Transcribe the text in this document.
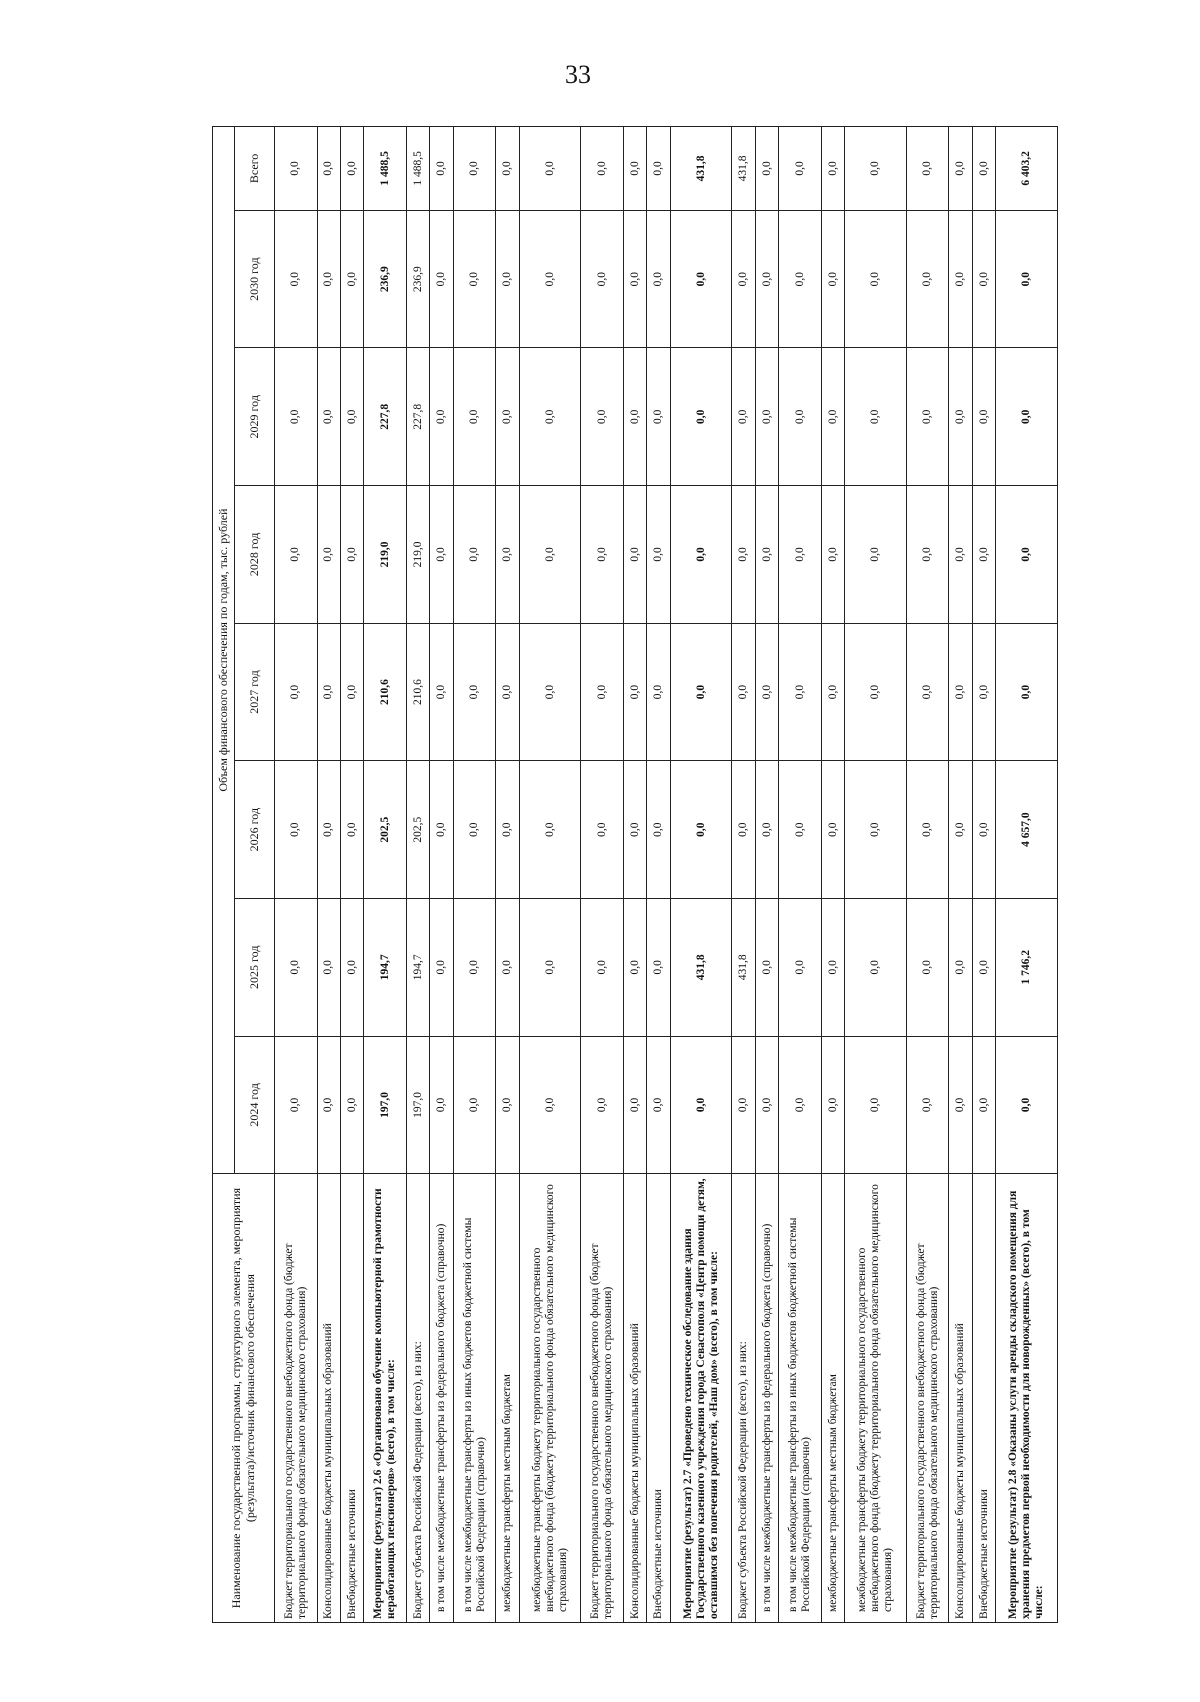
33
Наименование государственной программы, структурного элемента, мероприятия (результата)/источник финансового обеспечения	Объем финансового обеспечения по годам, тыс. рублей							
	2024 год	2025 год	2026 год	2027 год	2028 год	2029 год	2030 год	Всего
Бюджет территориального государственного внебюджетного фонда (бюджет территориального фонда обязательного медицинского страхования)	0,0	0,0	0,0	0,0	0,0	0,0	0,0	0,0
Консолидированные бюджеты муниципальных образований	0,0	0,0	0,0	0,0	0,0	0,0	0,0	0,0
Внебюджетные источники	0,0	0,0	0,0	0,0	0,0	0,0	0,0	0,0
Мероприятие (результат) 2.6 «Организовано обучение компьютерной грамотности неработающих пенсионеров» (всего), в том числе:	197,0	194,7	202,5	210,6	219,0	227,8	236,9	1 488,5
Бюджет субъекта Российской Федерации (всего), из них:	197,0	194,7	202,5	210,6	219,0	227,8	236,9	1 488,5
в том числе межбюджетные трансферты из федерального бюджета (справочно)	0,0	0,0	0,0	0,0	0,0	0,0	0,0	0,0
в том числе межбюджетные трансферты из иных бюджетов бюджетной системы Российской Федерации (справочно)	0,0	0,0	0,0	0,0	0,0	0,0	0,0	0,0
межбюджетные трансферты местным бюджетам	0,0	0,0	0,0	0,0	0,0	0,0	0,0	0,0
межбюджетные трансферты бюджету территориального государственного внебюджетного фонда (бюджету территориального фонда обязательного медицинского страхования)	0,0	0,0	0,0	0,0	0,0	0,0	0,0	0,0
Бюджет территориального государственного внебюджетного фонда (бюджет территориального фонда обязательного медицинского страхования)	0,0	0,0	0,0	0,0	0,0	0,0	0,0	0,0
Консолидированные бюджеты муниципальных образований	0,0	0,0	0,0	0,0	0,0	0,0	0,0	0,0
Внебюджетные источники	0,0	0,0	0,0	0,0	0,0	0,0	0,0	0,0
Мероприятие (результат) 2.7 «Проведено техническое обследование здания Государственного казенного учреждения города Севастополя «Центр помощи детям, оставшимся без попечения родителей, «Наш дом» (всего), в том числе:	0,0	431,8	0,0	0,0	0,0	0,0	0,0	431,8
Бюджет субъекта Российской Федерации (всего), из них:	0,0	431,8	0,0	0,0	0,0	0,0	0,0	431,8
в том числе межбюджетные трансферты из федерального бюджета (справочно)	0,0	0,0	0,0	0,0	0,0	0,0	0,0	0,0
в том числе межбюджетные трансферты из иных бюджетов бюджетной системы Российской Федерации (справочно)	0,0	0,0	0,0	0,0	0,0	0,0	0,0	0,0
межбюджетные трансферты местным бюджетам	0,0	0,0	0,0	0,0	0,0	0,0	0,0	0,0
межбюджетные трансферты бюджету территориального государственного внебюджетного фонда (бюджету территориального фонда обязательного медицинского страхования)	0,0	0,0	0,0	0,0	0,0	0,0	0,0	0,0
Бюджет территориального государственного внебюджетного фонда (бюджет территориального фонда обязательного медицинского страхования)	0,0	0,0	0,0	0,0	0,0	0,0	0,0	0,0
Консолидированные бюджеты муниципальных образований	0,0	0,0	0,0	0,0	0,0	0,0	0,0	0,0
Внебюджетные источники	0,0	0,0	0,0	0,0	0,0	0,0	0,0	0,0
Мероприятие (результат) 2.8 «Оказаны услуги аренды складского помещения для хранения предметов первой необходимости для новорожденных» (всего), в том числе:	0,0	1 746,2	4 657,0	0,0	0,0	0,0	0,0	6 403,2
